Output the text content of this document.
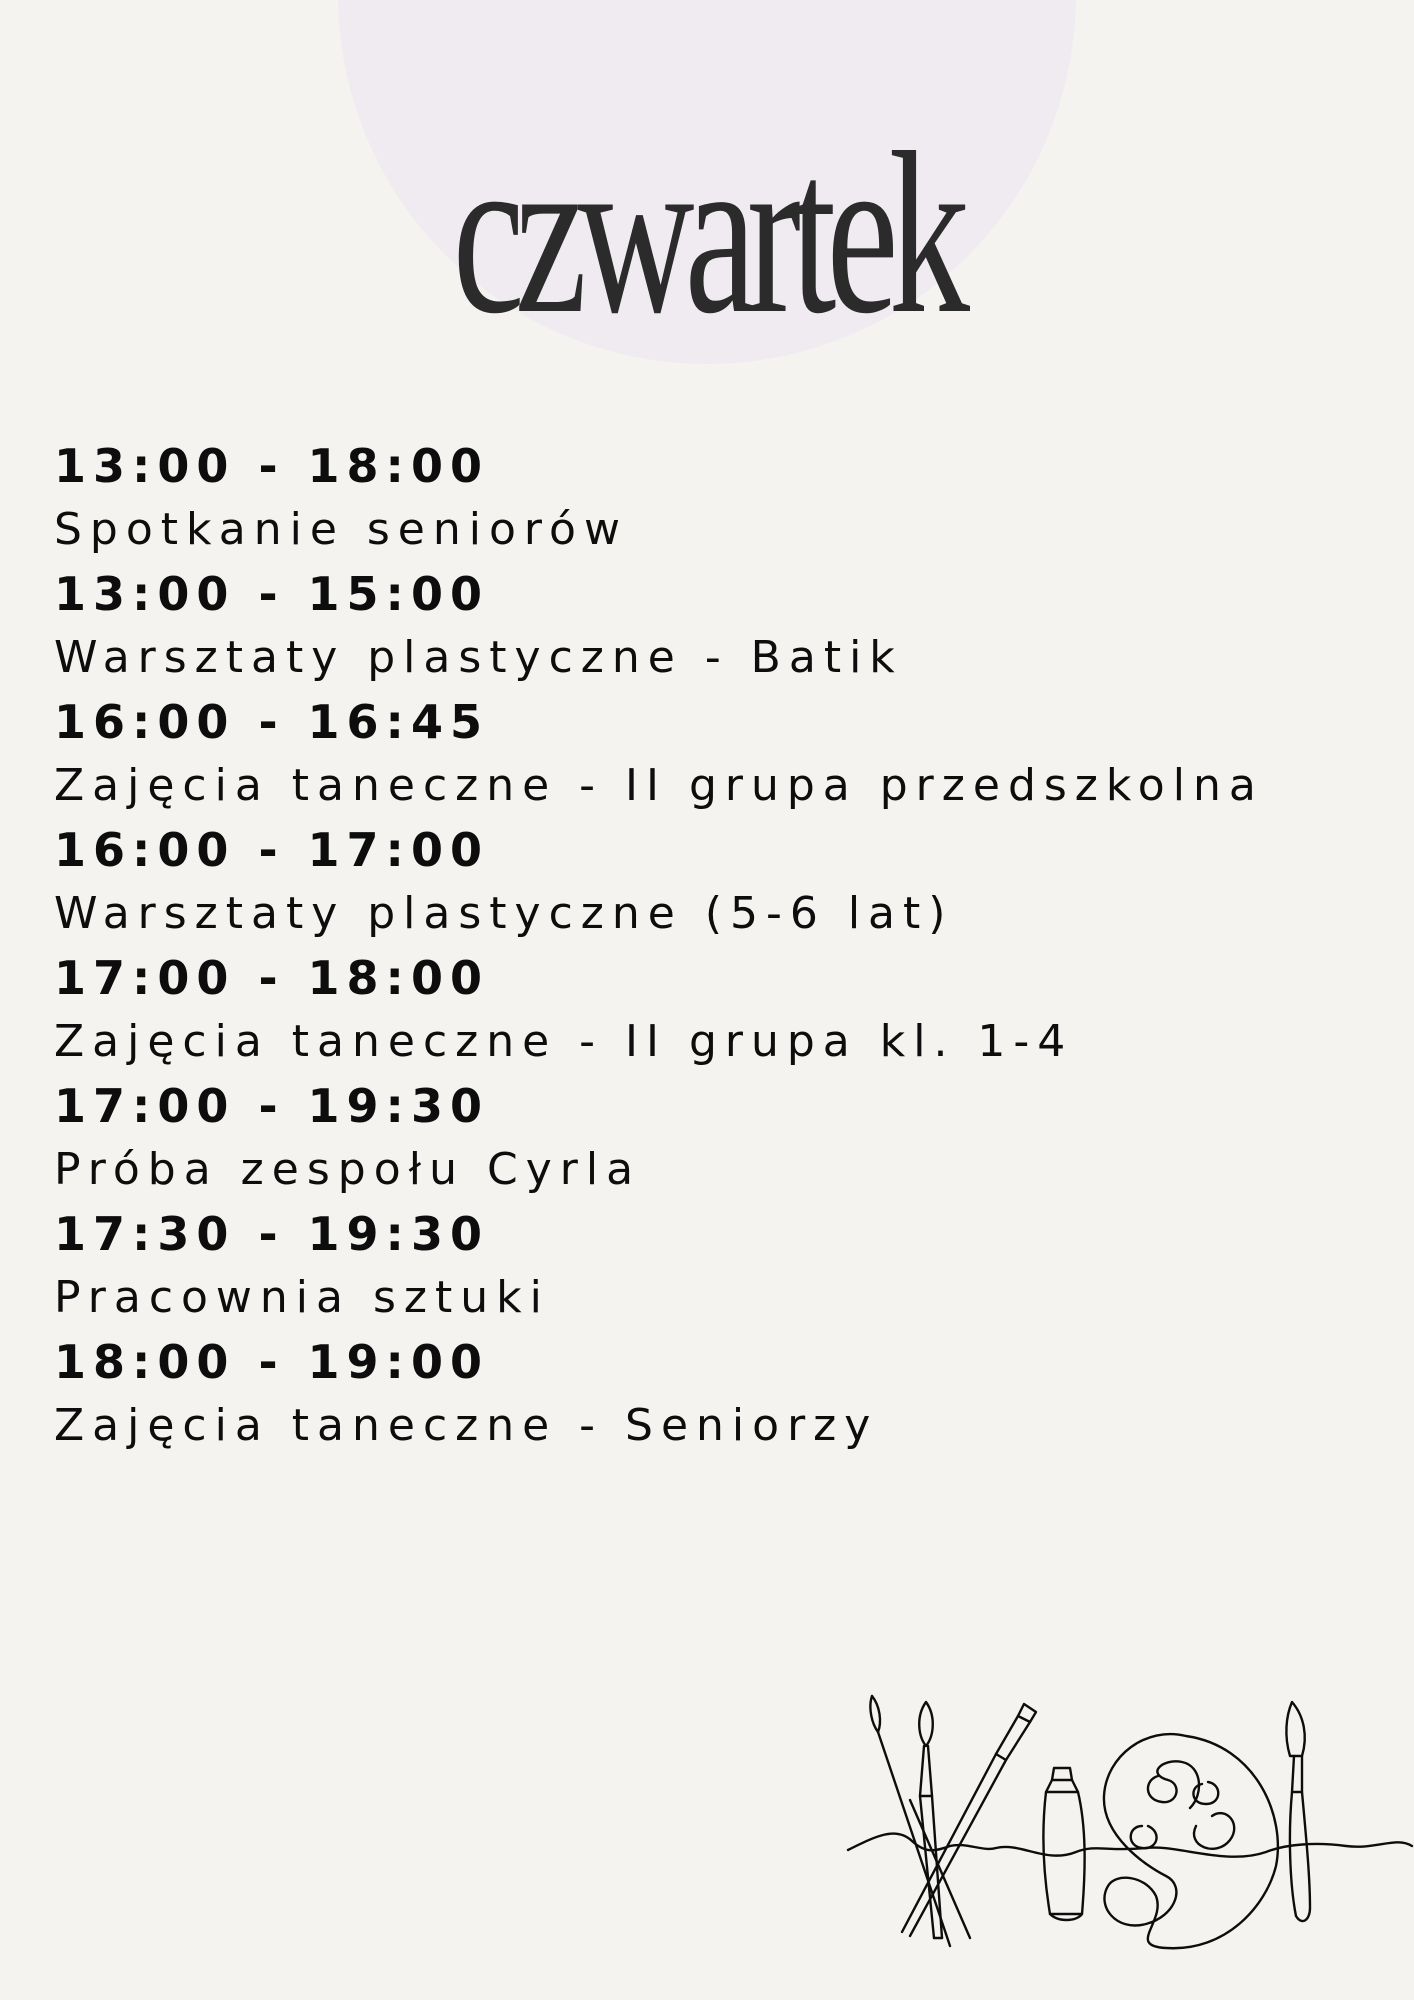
czwartek
13:00 - 18:00
Spotkanie seniorów
13:00 - 15:00
Warsztaty plastyczne - Batik
16:00 - 16:45
Zajęcia taneczne - II grupa przedszkolna
16:00 - 17:00
Warsztaty plastyczne (5-6 lat)
17:00 - 18:00
Zajęcia taneczne - II grupa kl. 1-4
17:00 - 19:30
Próba zespołu Cyrla
17:30 - 19:30
Pracownia sztuki
18:00 - 19:00
Zajęcia taneczne - Seniorzy
